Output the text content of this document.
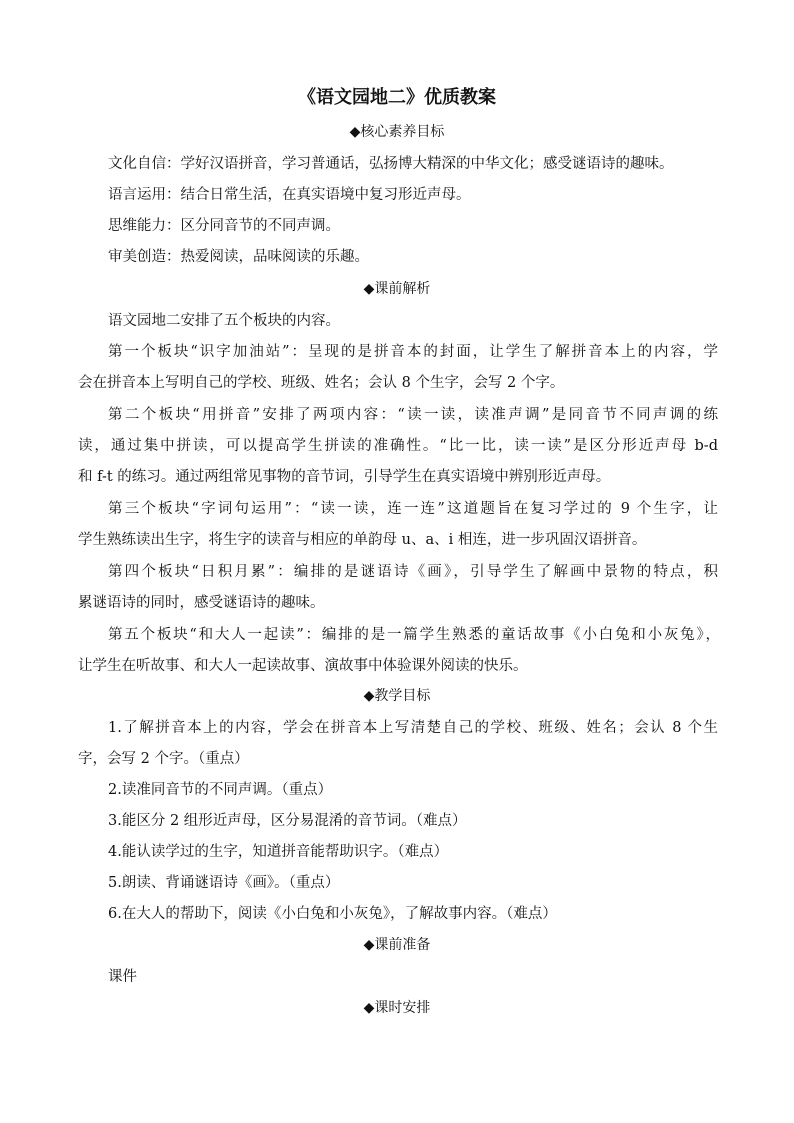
《语文园地二》优质教案
◆核心素养目标
文化自信：学好汉语拼音，学习普通话，弘扬博大精深的中华文化；感受谜语诗的趣味。
语言运用：结合日常生活，在真实语境中复习形近声母。
思维能力：区分同音节的不同声调。
审美创造：热爱阅读，品味阅读的乐趣。
◆课前解析
语文园地二安排了五个板块的内容。
第一个板块“识字加油站”：呈现的是拼音本的封面，让学生了解拼音本上的内容，学
会在拼音本上写明自己的学校、班级、姓名；会认 8 个生字，会写 2 个字。
第二个板块“用拼音”安排了两项内容：“读一读，读准声调”是同音节不同声调的练
读，通过集中拼读，可以提高学生拼读的准确性。“比一比，读一读”是区分形近声母 b-d
和 f-t 的练习。通过两组常见事物的音节词，引导学生在真实语境中辨别形近声母。
第三个板块“字词句运用”：“读一读，连一连”这道题旨在复习学过的 9 个生字，让
学生熟练读出生字，将生字的读音与相应的单韵母 u、a、i 相连，进一步巩固汉语拼音。
第四个板块“日积月累”：编排的是谜语诗《画》，引导学生了解画中景物的特点，积
累谜语诗的同时，感受谜语诗的趣味。
第五个板块“和大人一起读”：编排的是一篇学生熟悉的童话故事《小白兔和小灰兔》，
让学生在听故事、和大人一起读故事、演故事中体验课外阅读的快乐。
◆教学目标
1.了解拼音本上的内容，学会在拼音本上写清楚自己的学校、班级、姓名；会认 8 个生
字，会写 2 个字。（重点）
2.读准同音节的不同声调。（重点）
3.能区分 2 组形近声母，区分易混淆的音节词。（难点）
4.能认读学过的生字，知道拼音能帮助识字。（难点）
5.朗读、背诵谜语诗《画》。（重点）
6.在大人的帮助下，阅读《小白兔和小灰兔》，了解故事内容。（难点）
◆课前准备
课件
◆课时安排
